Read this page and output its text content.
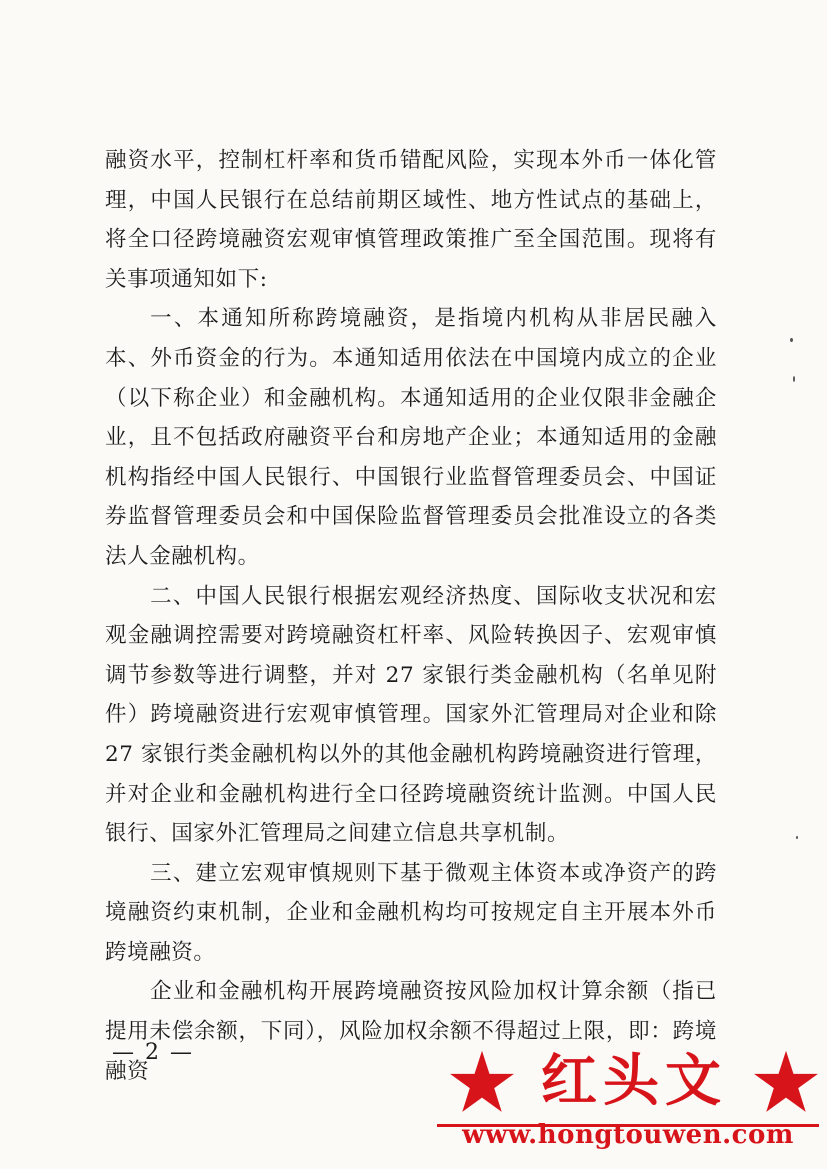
融资水平，控制杠杆率和货币错配风险，实现本外币一体化管理，中国人民银行在总结前期区域性、地方性试点的基础上，将全口径跨境融资宏观审慎管理政策推广至全国范围。现将有关事项通知如下:

一、本通知所称跨境融资，是指境内机构从非居民融入本、外币资金的行为。本通知适用依法在中国境内成立的企业（以下称企业）和金融机构。本通知适用的企业仅限非金融企业，且不包括政府融资平台和房地产企业；本通知适用的金融机构指经中国人民银行、中国银行业监督管理委员会、中国证券监督管理委员会和中国保险监督管理委员会批准设立的各类法人金融机构。

二、中国人民银行根据宏观经济热度、国际收支状况和宏观金融调控需要对跨境融资杠杆率、风险转换因子、宏观审慎调节参数等进行调整，并对 27 家银行类金融机构（名单见附件）跨境融资进行宏观审慎管理。国家外汇管理局对企业和除 27 家银行类金融机构以外的其他金融机构跨境融资进行管理，并对企业和金融机构进行全口径跨境融资统计监测。中国人民银行、国家外汇管理局之间建立信息共享机制。

三、建立宏观审慎规则下基于微观主体资本或净资产的跨境融资约束机制，企业和金融机构均可按规定自主开展本外币跨境融资。

企业和金融机构开展跨境融资按风险加权计算余额（指已提用未偿余额，下同），风险加权余额不得超过上限，即：跨境融资

— 2 —	红头文
www.hongtouwen.com
